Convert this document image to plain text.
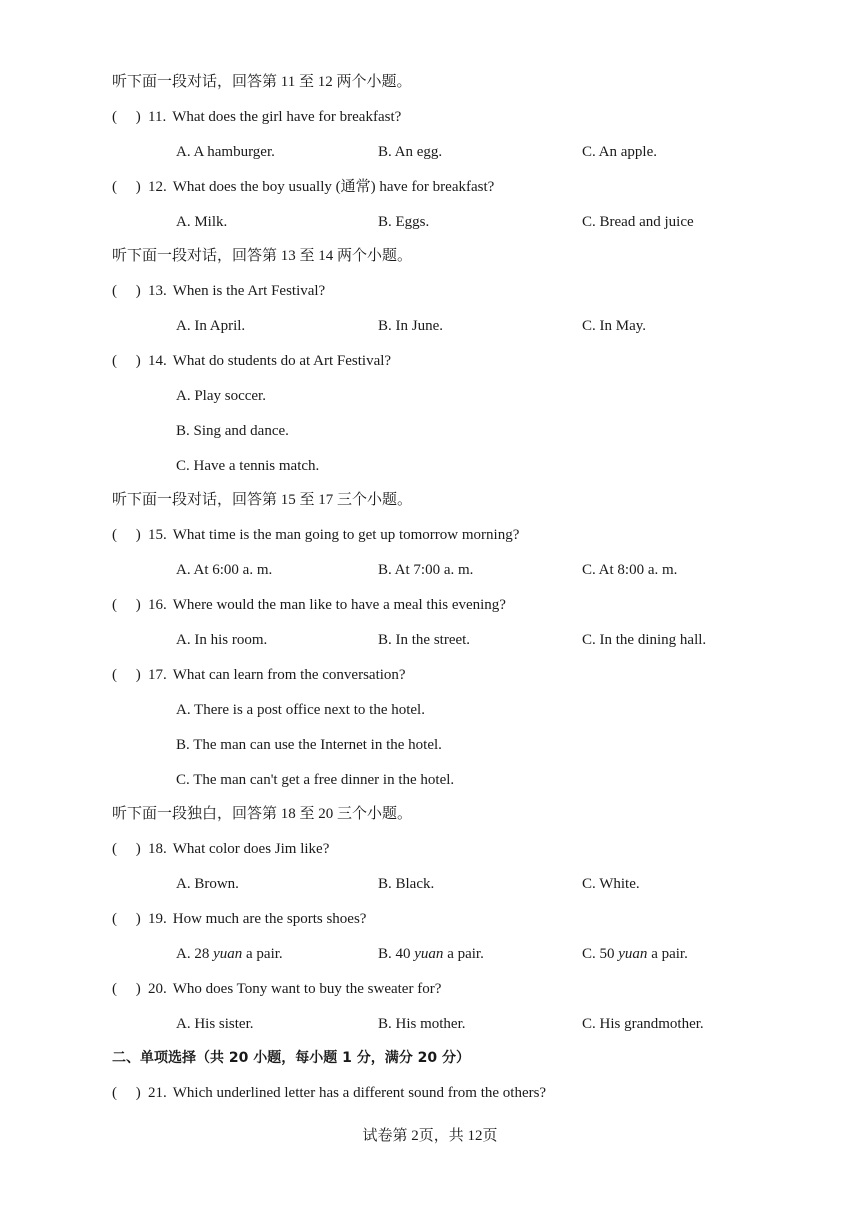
听下面一段对话，回答第 11 至 12 两个小题。
(　 ) 11. What does the girl have for breakfast?
A. A hamburger.	B. An egg.	C. An apple.
(　 ) 12. What does the boy usually (通常) have for breakfast?
A. Milk.	B. Eggs.	C. Bread and juice
听下面一段对话，回答第 13 至 14 两个小题。
(　 ) 13. When is the Art Festival?
A. In April.	B. In June.	C. In May.
(　 ) 14. What do students do at Art Festival?
A. Play soccer.
B. Sing and dance.
C. Have a tennis match.
听下面一段对话，回答第 15 至 17 三个小题。
(　 ) 15. What time is the man going to get up tomorrow morning?
A. At 6:00 a. m.	B. At 7:00 a. m.	C. At 8:00 a. m.
(　 ) 16. Where would the man like to have a meal this evening?
A. In his room.	B. In the street.	C. In the dining hall.
(　 ) 17. What can learn from the conversation?
A. There is a post office next to the hotel.
B. The man can use the Internet in the hotel.
C. The man can't get a free dinner in the hotel.
听下面一段独白，回答第 18 至 20 三个小题。
(　 ) 18. What color does Jim like?
A. Brown.	B. Black.	C. White.
(　 ) 19. How much are the sports shoes?
A. 28 yuan a pair.	B. 40 yuan a pair.	C. 50 yuan a pair.
(　 ) 20. Who does Tony want to buy the sweater for?
A. His sister.	B. His mother.	C. His grandmother.
二、单项选择（共 20 小题，每小题 1 分，满分 20 分）
(　 ) 21. Which underlined letter has a different sound from the others?
试卷第 2页，共 12页
